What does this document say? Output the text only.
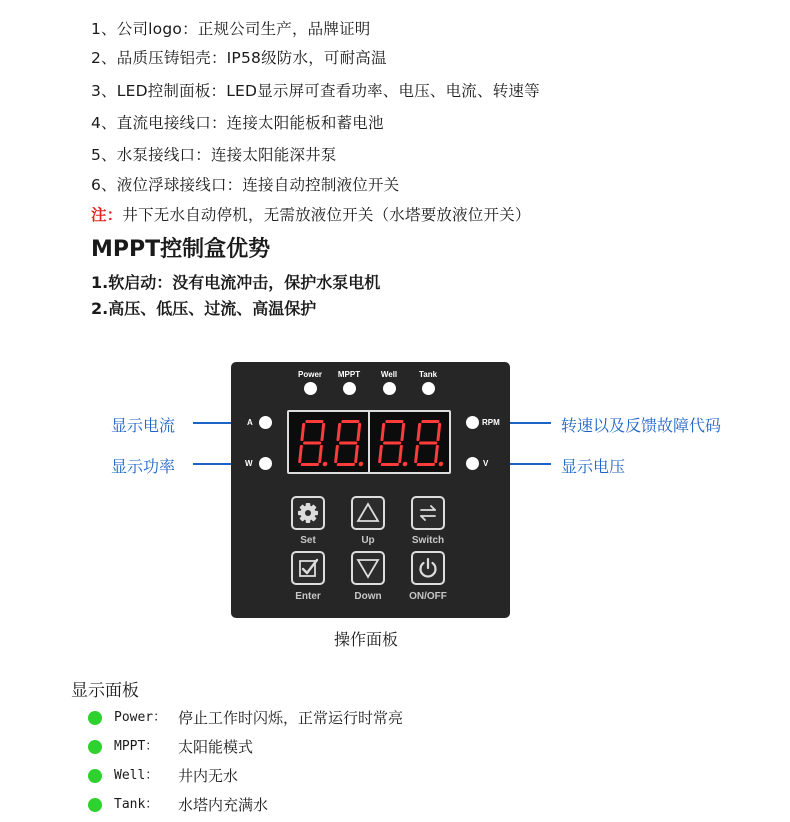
1、公司logo：正规公司生产，品牌证明
2、品质压铸铝壳：IP58级防水，可耐高温
3、LED控制面板：LED显示屏可查看功率、电压、电流、转速等
4、直流电接线口：连接太阳能板和蓄电池
5、水泵接线口：连接太阳能深井泵
6、液位浮球接线口：连接自动控制液位开关
注：井下无水自动停机，无需放液位开关（水塔要放液位开关）
MPPT控制盒优势
1.软启动：没有电流冲击，保护水泵电机
2.高压、低压、过流、高温保护
显示电流
显示功率
转速以及反馈故障代码
显示电压
Power MPPT	Well	Tank
A
W
RPM
V
Set	Up	Switch
Enter	Down	ON/OFF
操作面板
显示面板
Power： 停止工作时闪烁，正常运行时常亮
MPPT： 太阳能模式
Well： 井内无水
Tank： 水塔内充满水
